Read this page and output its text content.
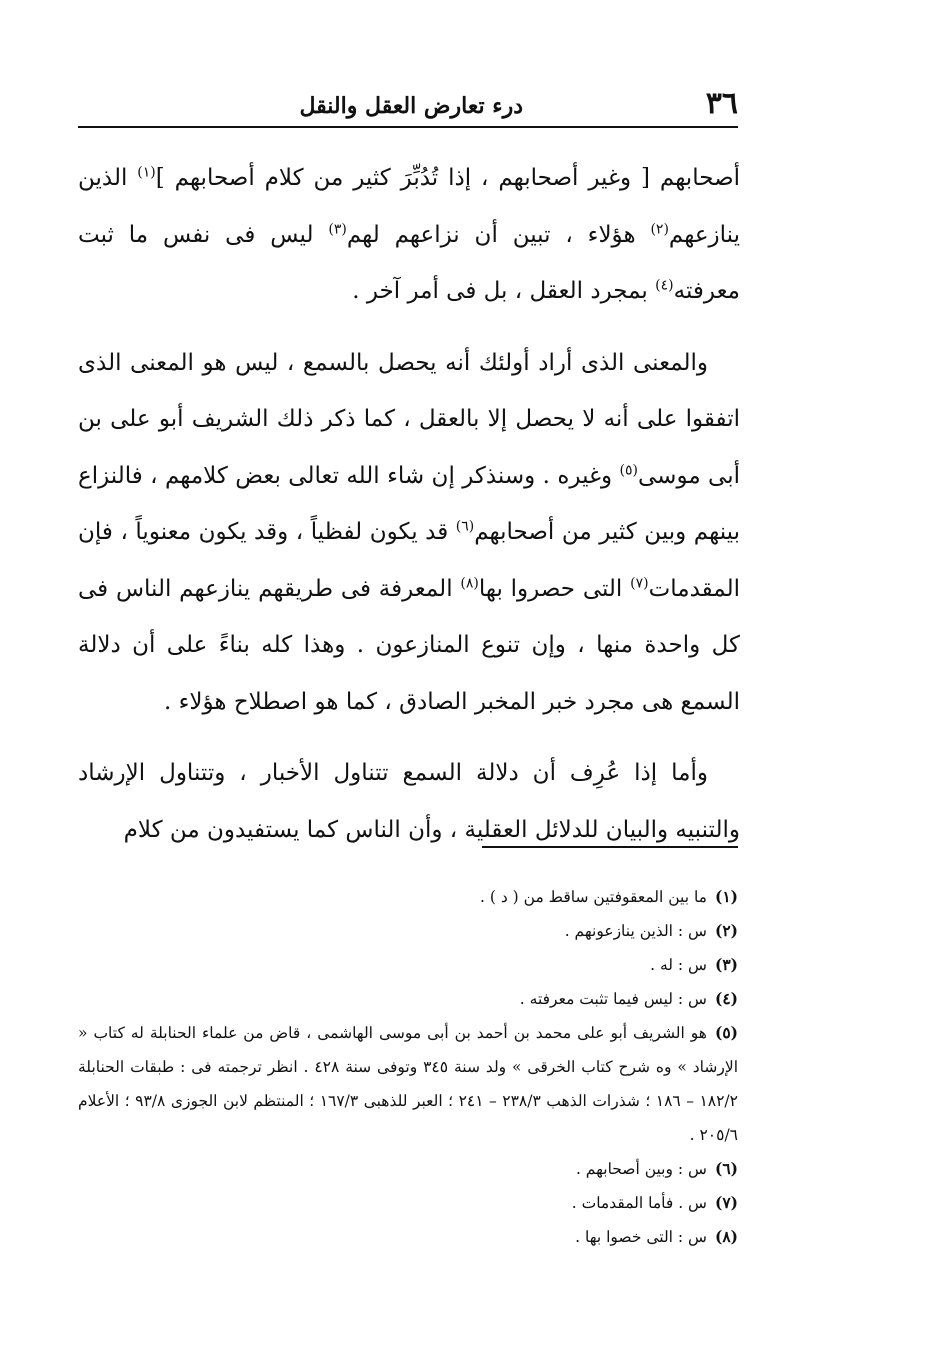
٣٦
درء تعارض العقل والنقل

أصحابهم [ وغير أصحابهم ، إذا تُدُبِّرَ كثير من كلام أصحابهم ]$^{(١)}$ الذين ينازعهم$^{(٢)}$ هؤلاء ، تبين أن نزاعهم لهم$^{(٣)}$ ليس فى نفس ما ثبت معرفته$^{(٤)}$ بمجرد العقل ، بل فى أمر آخر .

والمعنى الذى أراد أولئك أنه يحصل بالسمع ، ليس هو المعنى الذى اتفقوا على أنه لا يحصل إلا بالعقل ، كما ذكر ذلك الشريف أبو على بن أبى موسى$^{(٥)}$ وغيره . وسنذكر إن شاء الله تعالى بعض كلامهم ، فالنزاع بينهم وبين كثير من أصحابهم$^{(٦)}$ قد يكون لفظياً ، وقد يكون معنوياً ، فإن المقدمات$^{(٧)}$ التى حصروا بها$^{(٨)}$ المعرفة فى طريقهم ينازعهم الناس فى كل واحدة منها ، وإن تنوع المنازعون . وهذا كله بناءً على أن دلالة السمع هى مجرد خبر المخبر الصادق ، كما هو اصطلاح هؤلاء .

وأما إذا عُرِف أن دلالة السمع تتناول الأخبار ، وتتناول الإرشاد والتنبيه والبيان للدلائل العقلية ، وأن الناس كما يستفيدون من كلام

(١)ما بين المعقوفتين ساقط من ( د ) .

(٢)س : الذين ينازعونهم .

(٣)س : له .

(٤)س : ليس فيما تثبت معرفته .

(٥)هو الشريف أبو على محمد بن أحمد بن أبى موسى الهاشمى ، قاض من علماء الحنابلة له كتاب « الإرشاد » وه شرح كتاب الخرقى » ولد سنة ٣٤٥ وتوفى سنة ٤٢٨ . انظر ترجمته فى : طبقات الحنابلة ١٨٢/٢ – ١٨٦ ؛ شذرات الذهب ٢٣٨/٣ – ٢٤١ ؛ العبر للذهبى ١٦٧/٣ ؛ المنتظم لابن الجوزى ٩٣/٨ ؛ الأعلام ٢٠٥/٦ .

(٦)س : وبين أصحابهم .

(٧)س . فأما المقدمات .

(٨)س : التى خصوا بها .
